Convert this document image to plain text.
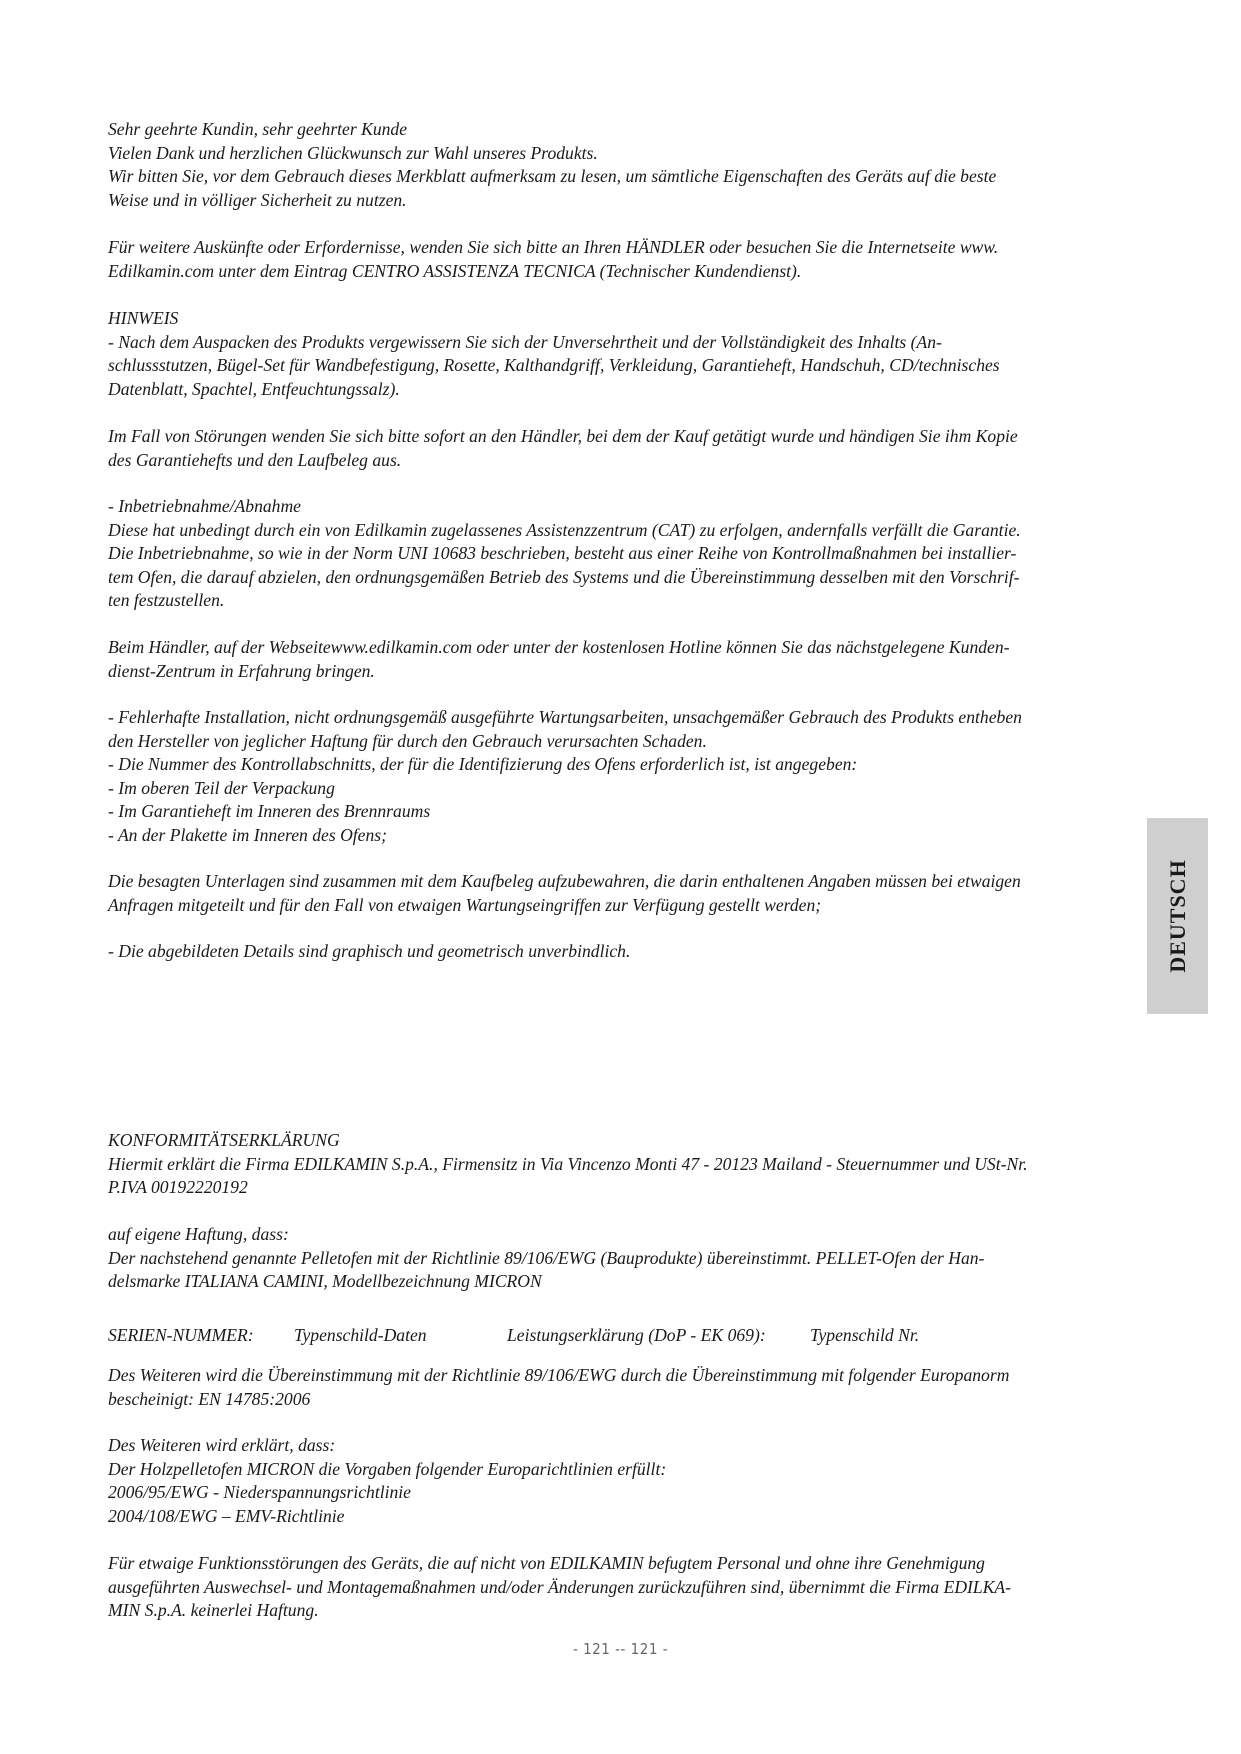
Sehr geehrte Kundin, sehr geehrter Kunde
Vielen Dank und herzlichen Glückwunsch zur Wahl unseres Produkts.
Wir bitten Sie, vor dem Gebrauch dieses Merkblatt aufmerksam zu lesen, um sämtliche Eigenschaften des Geräts auf die beste
Weise und in völliger Sicherheit zu nutzen.
Für weitere Auskünfte oder Erfordernisse, wenden Sie sich bitte an Ihren HÄNDLER oder besuchen Sie die Internetseite www.
Edilkamin.com unter dem Eintrag CENTRO ASSISTENZA TECNICA (Technischer Kundendienst).
HINWEIS
- Nach dem Auspacken des Produkts vergewissern Sie sich der Unversehrtheit und der Vollständigkeit des Inhalts (An-
schlussstutzen, Bügel-Set für Wandbefestigung, Rosette, Kalthandgriff, Verkleidung, Garantieheft, Handschuh, CD/technisches
Datenblatt, Spachtel, Entfeuchtungssalz).
Im Fall von Störungen wenden Sie sich bitte sofort an den Händler, bei dem der Kauf getätigt wurde und händigen Sie ihm Kopie
des Garantiehefts und den Laufbeleg aus.
- Inbetriebnahme/Abnahme
Diese hat unbedingt durch ein von Edilkamin zugelassenes Assistenzzentrum (CAT) zu erfolgen, andernfalls verfällt die Garantie.
Die Inbetriebnahme, so wie in der Norm UNI 10683 beschrieben, besteht aus einer Reihe von Kontrollmaßnahmen bei installier-
tem Ofen, die darauf abzielen, den ordnungsgemäßen Betrieb des Systems und die Übereinstimmung desselben mit den Vorschrif-
ten festzustellen.
Beim Händler, auf der Webseitewww.edilkamin.com oder unter der kostenlosen Hotline können Sie das nächstgelegene Kunden-
dienst-Zentrum in Erfahrung bringen.
- Fehlerhafte Installation, nicht ordnungsgemäß ausgeführte Wartungsarbeiten, unsachgemäßer Gebrauch des Produkts entheben
den Hersteller von jeglicher Haftung für durch den Gebrauch verursachten Schaden.
- Die Nummer des Kontrollabschnitts, der für die Identifizierung des Ofens erforderlich ist, ist angegeben:
- Im oberen Teil der Verpackung
- Im Garantieheft im Inneren des Brennraums
- An der Plakette im Inneren des Ofens;
Die besagten Unterlagen sind zusammen mit dem Kaufbeleg aufzubewahren, die darin enthaltenen Angaben müssen bei etwaigen
Anfragen mitgeteilt und für den Fall von etwaigen Wartungseingriffen zur Verfügung gestellt werden;
- Die abgebildeten Details sind graphisch und geometrisch unverbindlich.
KONFORMITÄTSERKLÄRUNG
Hiermit erklärt die Firma EDILKAMIN S.p.A., Firmensitz in Via Vincenzo Monti 47 - 20123 Mailand - Steuernummer und USt-Nr.
P.IVA 00192220192
auf eigene Haftung, dass:
Der nachstehend genannte Pelletofen mit der Richtlinie 89/106/EWG (Bauprodukte) übereinstimmt. PELLET-Ofen der Han-
delsmarke ITALIANA CAMINI, Modellbezeichnung MICRON
SERIEN-NUMMER: Typenschild-Daten	Leistungserklärung (DoP - EK 069):	Typenschild Nr.
Des Weiteren wird die Übereinstimmung mit der Richtlinie 89/106/EWG durch die Übereinstimmung mit folgender Europanorm
bescheinigt: EN 14785:2006
Des Weiteren wird erklärt, dass:
Der Holzpelletofen MICRON die Vorgaben folgender Europarichtlinien erfüllt:
2006/95/EWG - Niederspannungsrichtlinie
2004/108/EWG – EMV-Richtlinie
Für etwaige Funktionsstörungen des Geräts, die auf nicht von EDILKAMIN befugtem Personal und ohne ihre Genehmigung
ausgeführten Auswechsel- und Montagemaßnahmen und/oder Änderungen zurückzuführen sind, übernimmt die Firma EDILKA-
MIN S.p.A. keinerlei Haftung.
DEUTSCH
- 121 -- 121 -
